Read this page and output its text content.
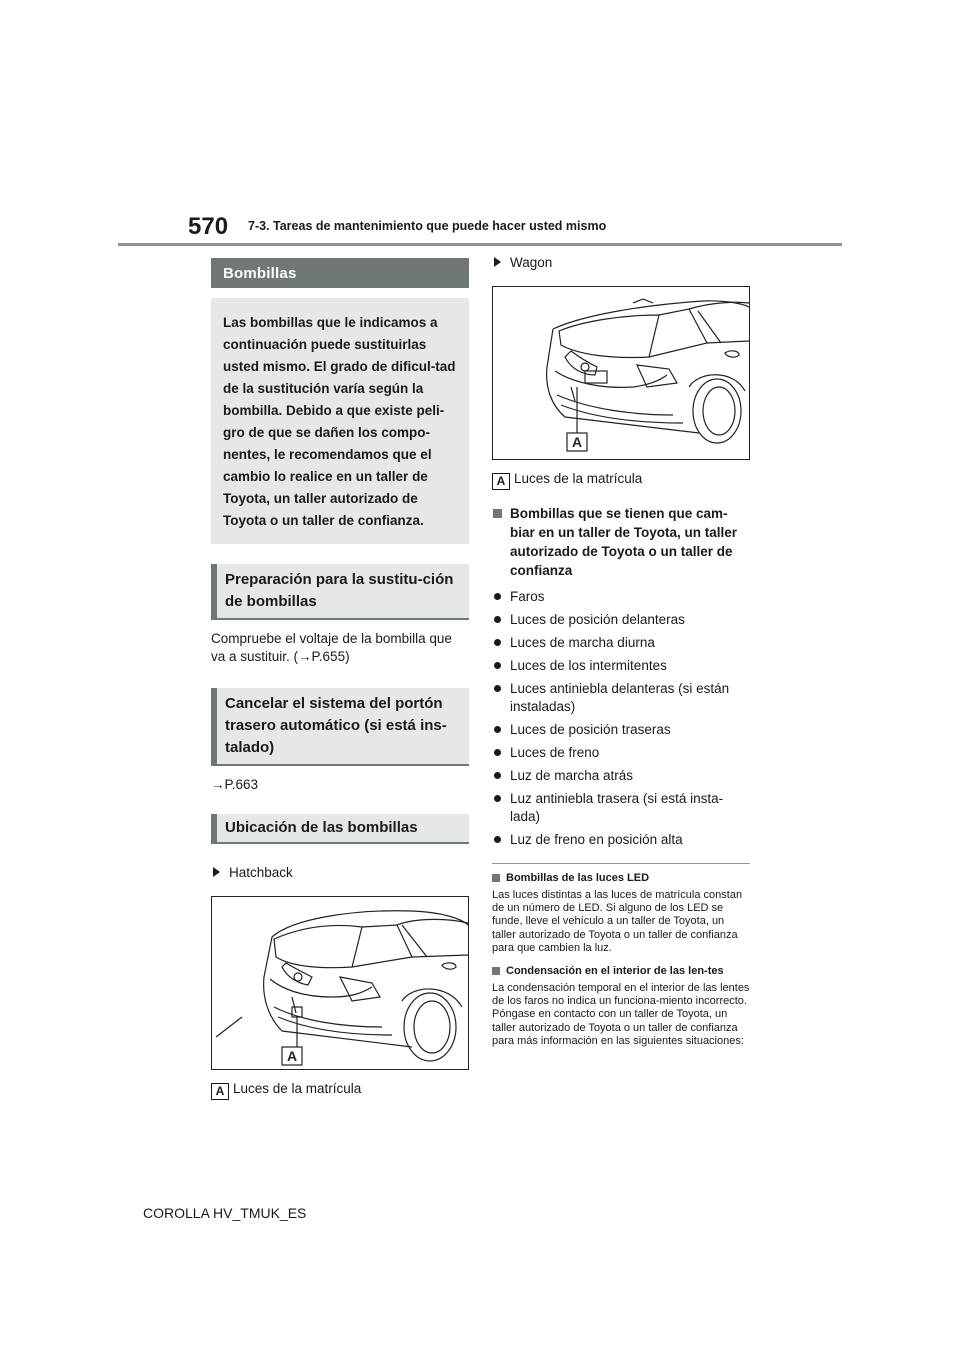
570 7-3. Tareas de mantenimiento que puede hacer usted mismo
Bombillas
Las bombillas que le indicamos a continuación puede sustituirlas usted mismo. El grado de dificul-tad de la sustitución varía según la bombilla. Debido a que existe peli-gro de que se dañen los compo-nentes, le recomendamos que el cambio lo realice en un taller de Toyota, un taller autorizado de Toyota o un taller de confianza.
Preparación para la sustitu-ción de bombillas
Compruebe el voltaje de la bombilla que va a sustituir. (→P.655)
Cancelar el sistema del portón trasero automático (si está ins-talado)
→P.663
Ubicación de las bombillas
Hatchback
A
A Luces de la matrícula
Wagon
A
A Luces de la matrícula
Bombillas que se tienen que cam-biar en un taller de Toyota, un taller autorizado de Toyota o un taller de confianza
Faros
Luces de posición delanteras
Luces de marcha diurna
Luces de los intermitentes
Luces antiniebla delanteras (si están instaladas)
Luces de posición traseras
Luces de freno
Luz de marcha atrás
Luz antiniebla trasera (si está insta-lada)
Luz de freno en posición alta
Bombillas de las luces LED
Las luces distintas a las luces de matrícula constan de un número de LED. Si alguno de los LED se funde, lleve el vehículo a un taller de Toyota, un taller autorizado de Toyota o un taller de confianza para que cambien la luz.
Condensación en el interior de las len-tes
La condensación temporal en el interior de las lentes de los faros no indica un funciona-miento incorrecto. Póngase en contacto con un taller de Toyota, un taller autorizado de Toyota o un taller de confianza para más información en las siguientes situaciones:
COROLLA HV_TMUK_ES
